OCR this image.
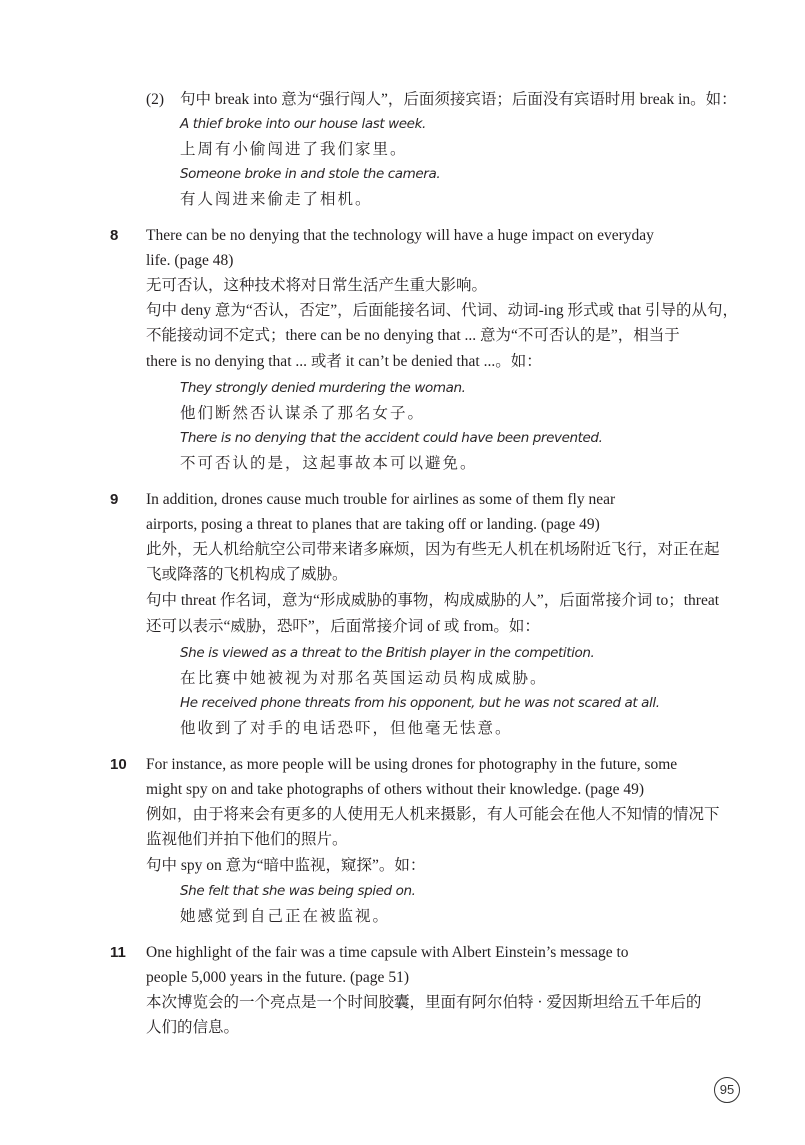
(2) 句中 break into 意为“强行闯人”，后面须接宾语；后面没有宾语时用 break in。如：
A thief broke into our house last week.
上周有小偷闯进了我们家里。
Someone broke in and stole the camera.
有人闯进来偷走了相机。
8 There can be no denying that the technology will have a huge impact on everyday
life. (page 48)
无可否认，这种技术将对日常生活产生重大影响。
句中 deny 意为“否认，否定”，后面能接名词、代词、动词-ing 形式或 that 引导的从句，
不能接动词不定式；there can be no denying that ... 意为“不可否认的是”，相当于
there is no denying that ... 或者 it can’t be denied that ...。如：
They strongly denied murdering the woman.
他们断然否认谋杀了那名女子。
There is no denying that the accident could have been prevented.
不可否认的是，这起事故本可以避免。
9 In addition, drones cause much trouble for airlines as some of them fly near
airports, posing a threat to planes that are taking off or landing. (page 49)
此外，无人机给航空公司带来诸多麻烦，因为有些无人机在机场附近飞行，对正在起
飞或降落的飞机构成了威胁。
句中 threat 作名词，意为“形成威胁的事物，构成威胁的人”，后面常接介词 to；threat
还可以表示“威胁，恐吓”，后面常接介词 of 或 from。如：
She is viewed as a threat to the British player in the competition.
在比赛中她被视为对那名英国运动员构成威胁。
He received phone threats from his opponent, but he was not scared at all.
他收到了对手的电话恐吓，但他毫无怯意。
10 For instance, as more people will be using drones for photography in the future, some
might spy on and take photographs of others without their knowledge. (page 49)
例如，由于将来会有更多的人使用无人机来摄影，有人可能会在他人不知情的情况下
监视他们并拍下他们的照片。
句中 spy on 意为“暗中监视，窥探”。如：
She felt that she was being spied on.
她感觉到自己正在被监视。
11 One highlight of the fair was a time capsule with Albert Einstein’s message to
people 5,000 years in the future. (page 51)
本次博览会的一个亮点是一个时间胶囊，里面有阿尔伯特 · 爱因斯坦给五千年后的
人们的信息。
95
